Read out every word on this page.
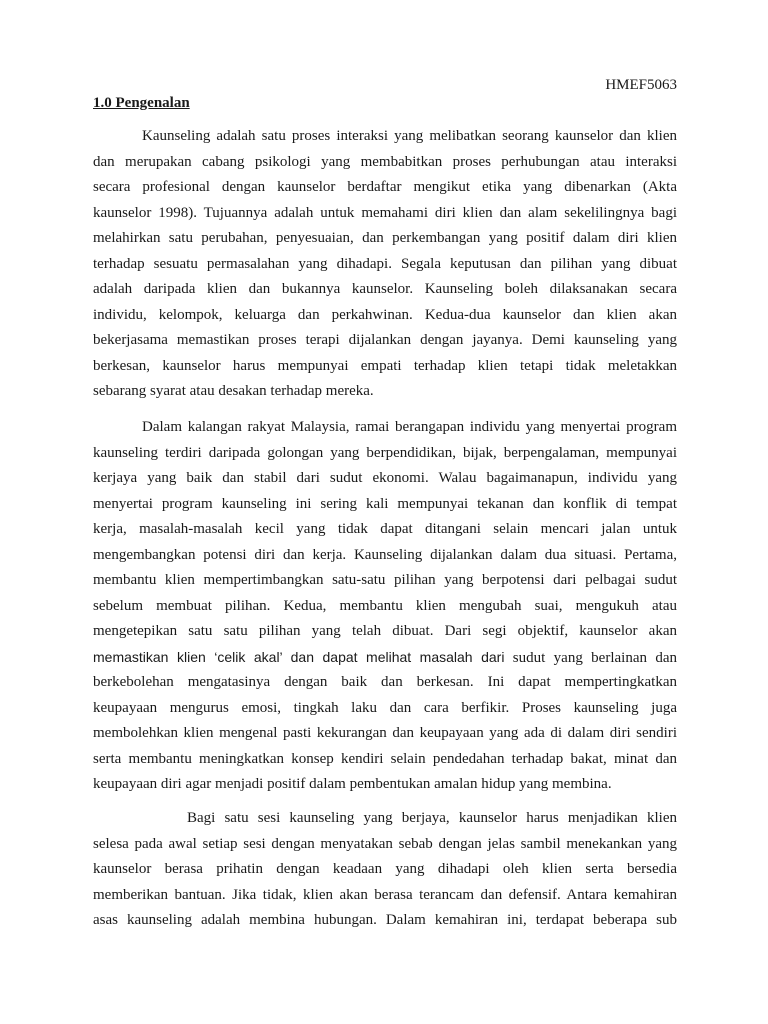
HMEF5063
1.0 Pengenalan
Kaunseling adalah satu proses interaksi yang melibatkan seorang kaunselor dan klien
dan merupakan cabang psikologi yang membabitkan proses perhubungan atau interaksi
secara profesional dengan kaunselor berdaftar mengikut etika yang dibenarkan (Akta
kaunselor 1998). Tujuannya adalah untuk memahami diri klien dan alam sekelilingnya bagi
melahirkan satu perubahan, penyesuaian, dan perkembangan yang positif dalam diri klien
terhadap sesuatu permasalahan yang dihadapi. Segala keputusan dan pilihan yang dibuat
adalah daripada klien dan bukannya kaunselor. Kaunseling boleh dilaksanakan secara
individu, kelompok, keluarga dan perkahwinan. Kedua-dua kaunselor dan klien akan
bekerjasama memastikan proses terapi dijalankan dengan jayanya. Demi kaunseling yang
berkesan, kaunselor harus mempunyai empati terhadap klien tetapi tidak meletakkan
sebarang syarat atau desakan terhadap mereka.
Dalam kalangan rakyat Malaysia, ramai berangapan individu yang menyertai program
kaunseling terdiri daripada golongan yang berpendidikan, bijak, berpengalaman, mempunyai
kerjaya yang baik dan stabil dari sudut ekonomi. Walau bagaimanapun, individu yang
menyertai program kaunseling ini sering kali mempunyai tekanan dan konflik di tempat
kerja, masalah-masalah kecil yang tidak dapat ditangani selain mencari jalan untuk
mengembangkan potensi diri dan kerja. Kaunseling dijalankan dalam dua situasi. Pertama,
membantu klien mempertimbangkan satu-satu pilihan yang berpotensi dari pelbagai sudut
sebelum membuat pilihan. Kedua, membantu klien mengubah suai, mengukuh atau
mengetepikan satu satu pilihan yang telah dibuat. Dari segi objektif, kaunselor akan
memastikan klien ‘celik akal’ dan dapat melihat masalah dari sudut yang berlainan dan
berkebolehan mengatasinya dengan baik dan berkesan. Ini dapat mempertingkatkan
keupayaan mengurus emosi, tingkah laku dan cara berfikir. Proses kaunseling juga
membolehkan klien mengenal pasti kekurangan dan keupayaan yang ada di dalam diri sendiri
serta membantu meningkatkan konsep kendiri selain pendedahan terhadap bakat, minat dan
keupayaan diri agar menjadi positif dalam pembentukan amalan hidup yang membina.
Bagi satu sesi kaunseling yang berjaya, kaunselor harus menjadikan klien
selesa pada awal setiap sesi dengan menyatakan sebab dengan jelas sambil menekankan yang
kaunselor berasa prihatin dengan keadaan yang dihadapi oleh klien serta bersedia
memberikan bantuan. Jika tidak, klien akan berasa terancam dan defensif. Antara kemahiran
asas kaunseling adalah membina hubungan. Dalam kemahiran ini, terdapat beberapa sub
